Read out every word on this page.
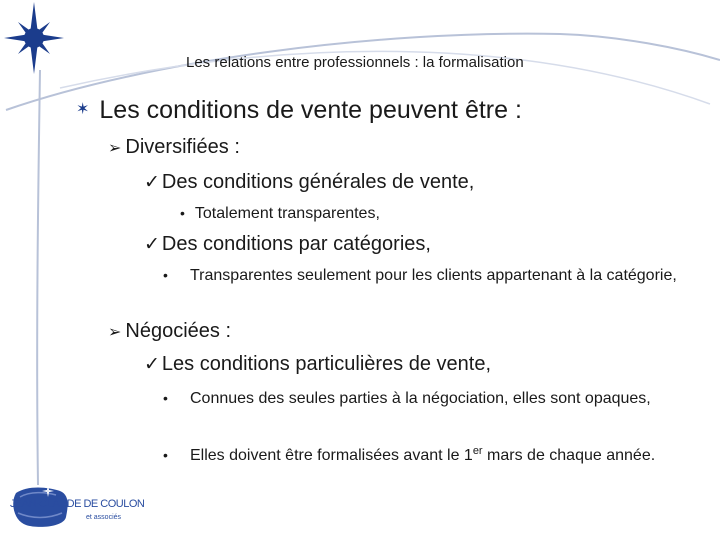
Les relations entre professionnels : la formalisation
✶ Les conditions de vente peuvent être :
➢ Diversifiées :
✓ Des conditions générales de vente,
• Totalement transparentes,
✓ Des conditions par catégories,
• Transparentes seulement pour les clients appartenant à la catégorie,
➢ Négociées :
✓ Les conditions particulières de vente,
• Connues des seules parties à la négociation, elles sont opaques,
• Elles doivent être formalisées avant le 1er mars de chaque année.
JEAN-CLAUDE DE COULON
et associés
